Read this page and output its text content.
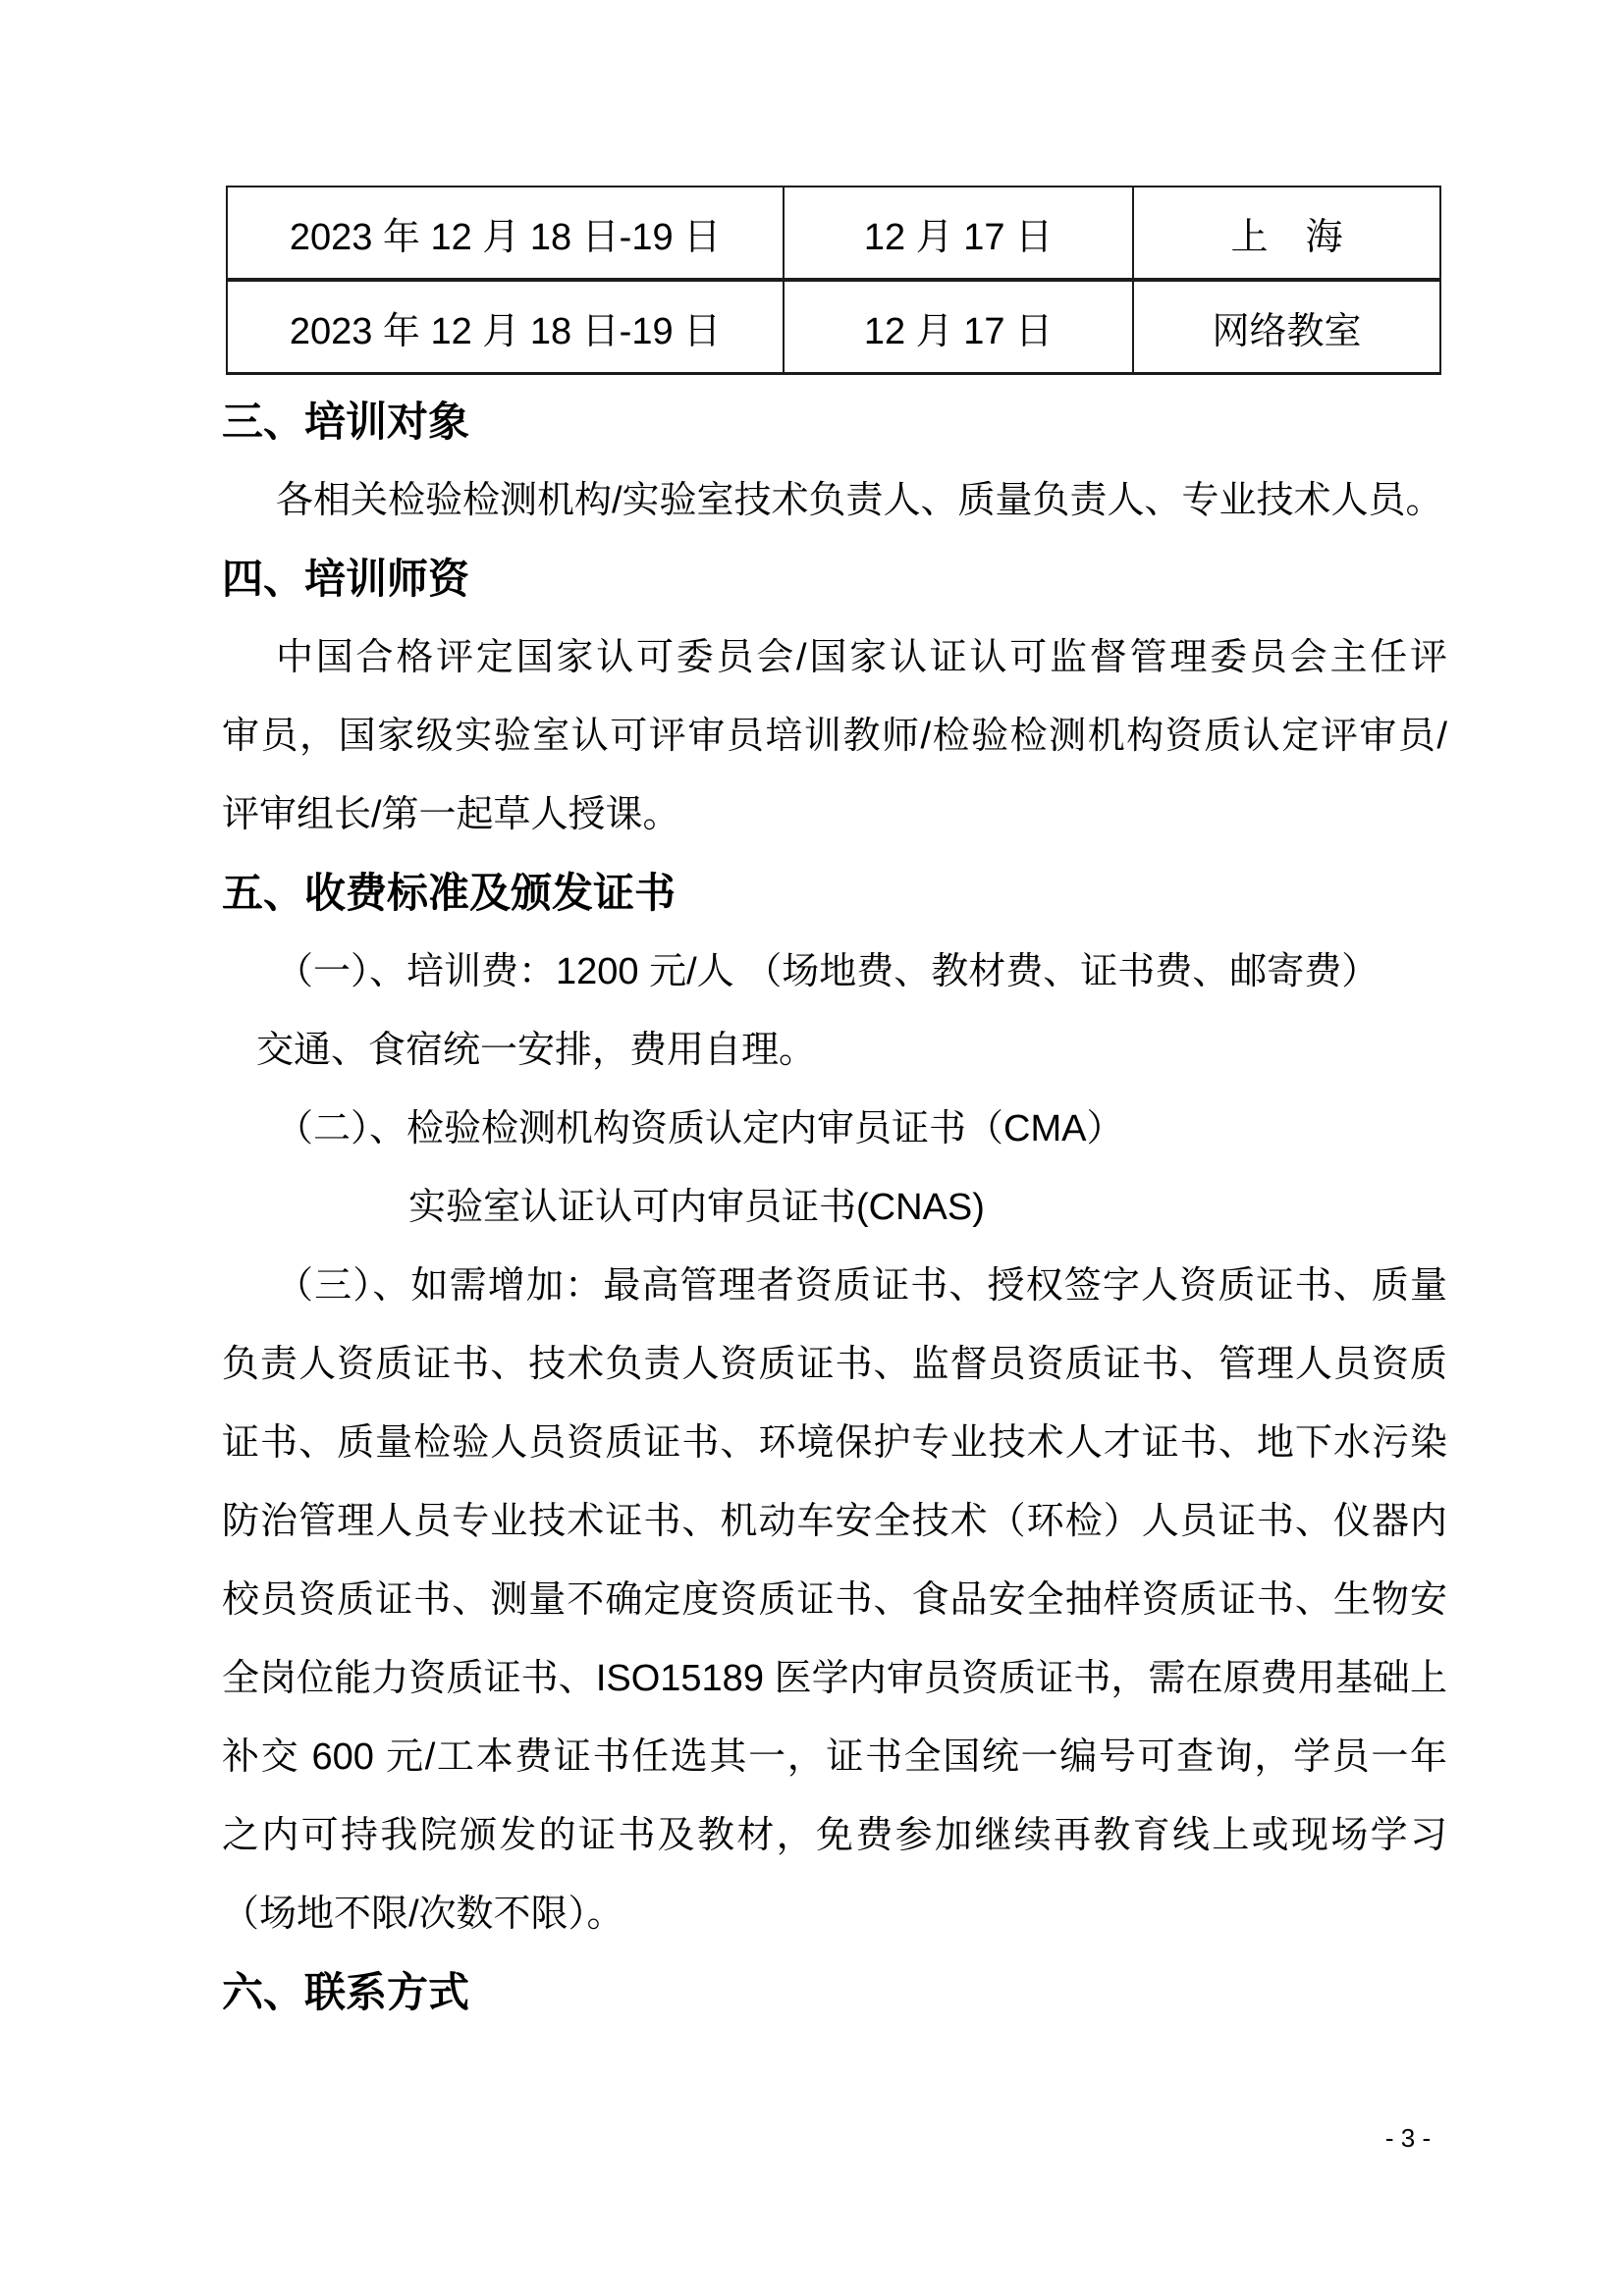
2023 年 12 月 18 日-19 日	12 月 17 日	上　海
2023 年 12 月 18 日-19 日	12 月 17 日	网络教室
三、培训对象
各相关检验检测机构/实验室技术负责人、质量负责人、专业技术人员。
四、培训师资
中国合格评定国家认可委员会/国家认证认可监督管理委员会主任评
审员，国家级实验室认可评审员培训教师/检验检测机构资质认定评审员/
评审组长/第一起草人授课。
五、收费标准及颁发证书
（一）、培训费：1200 元/人 （场地费、教材费、证书费、邮寄费）
交通、食宿统一安排，费用自理。
（二）、检验检测机构资质认定内审员证书（CMA）
实验室认证认可内审员证书(CNAS)
（三）、如需增加：最高管理者资质证书、授权签字人资质证书、质量
负责人资质证书、技术负责人资质证书、监督员资质证书、管理人员资质
证书、质量检验人员资质证书、环境保护专业技术人才证书、地下水污染
防治管理人员专业技术证书、机动车安全技术（环检）人员证书、仪器内
校员资质证书、测量不确定度资质证书、食品安全抽样资质证书、生物安
全岗位能力资质证书、ISO15189 医学内审员资质证书，需在原费用基础上
补交 600 元/工本费证书任选其一，证书全国统一编号可查询，学员一年
之内可持我院颁发的证书及教材，免费参加继续再教育线上或现场学习
（场地不限/次数不限）。
六、联系方式
- 3 -
